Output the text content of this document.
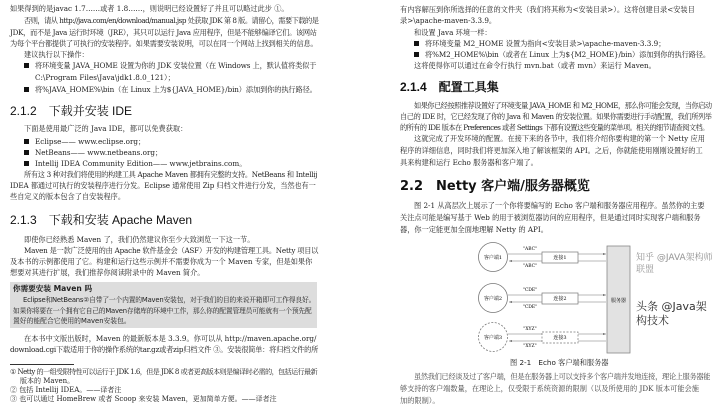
如果得到的是javac 1.7……或者 1.8……，则说明已经设置好了并且可以略过此步 ①。
否则，请从 http://java.com/en/download/manual.jsp 处获取 JDK 第 8 版。请留心，需要下载的是
JDK，而不是 Java 运行时环境（JRE），其只可以运行 Java 应用程序，但是不能够编译它们。该网站
为每个平台都提供了可执行的安装程序。如果需要安装说明，可以在同一个网站上找到相关的信息。
建议执行以下操作：
将环境变量 JAVA_HOME 设置为你的 JDK 安装位置（在 Windows 上，默认值将类似于
C:\Program Files\Java\jdk1.8.0_121）；
将%JAVA_HOME%\bin（在 Linux 上为${JAVA_HOME}/bin）添加到你的执行路径。
2.1.2　下载并安装 IDE
下面是使用最广泛的 Java IDE，都可以免费获取：
Eclipse—— www.eclipse.org；
NetBeans—— www.netbeans.org；
Intellij IDEA Community Edition—— www.jetbrains.com。
所有这 3 种对我们将使用的构建工具 Apache Maven 都拥有完整的支持。NetBeans 和 Intellij
IDEA 都通过可执行的安装程序进行分发。Eclipse 通常使用 Zip 归档文件进行分发，当然也有一
些自定义的版本包含了自安装程序。
2.1.3　下载和安装 Apache Maven
即使你已经熟悉 Maven 了，我们仍然建议你至少大致浏览一下这一节。
Maven 是一款广泛使用的由 Apache 软件基金会（ASF）开发的构建管理工具。Netty 项目以
及本书的示例都使用了它。构建和运行这些示例并不需要你成为一个 Maven 专家，但是如果你
想要对其进行扩展，我们推荐你阅读附录中的 Maven 简介。
你需要安装 Maven 吗
Eclipse和NetBeans②自带了一个内置的Maven安装包，对于我们的目的来说开箱即可工作得良好。
如果你将要在一个拥有它自己的Maven存储库的环境中工作，那么你的配置管理员可能就有一个预先配
置好的能配合它使用的Maven安装包。
在本书中文版出版时，Maven 的最新版本是 3.3.9。你可以从 http://maven.apache.org/
download.cgi下载适用于你的操作系统的tar.gz或者zip归档文件 ③。安装很简单：将归档文件的所
① Netty 的一组受限特性可以运行于 JDK 1.6，但是 JDK 8 或者更高版本则是编译时必需的，包括运行最新
版本的 Maven。
② 包括 Intellij IDEA。——译者注
③ 也可以通过 HomeBrew 或者 Scoop 来安装 Maven，更加简单方便。——译者注
有内容解压到你所选择的任意的文件夹（我们将其称为<安装目录>）。这将创建目录<安装目
录>\apache-maven-3.3.9。
和设置 Java 环境一样：
将环境变量 M2_HOME 设置为指向<安装目录>\apache-maven-3.3.9；
将%M2_HOME%\bin（或者在 Linux 上为${M2_HOME}/bin）添加到你的执行路径。
这将使得你可以通过在命令行执行 mvn.bat（或者 mvn）来运行 Maven。
2.1.4　配置工具集
如果你已经按照推荐设置好了环境变量 JAVA_HOME 和 M2_HOME，那么你可能会发现，当你启动
自己的 IDE 时，它已经发现了你的 Java 和 Maven 的安装位置。如果你需要进行手动配置，我们所列举
的所有的 IDE 版本在 Preferences 或者 Settings 下都有设置这些变量的菜单项。相关的细节请查阅文档。
这就完成了开发环境的配置。在接下来的各节中，我们将介绍你要构建的第一个 Netty 应用
程序的详细信息，同时我们将更加深入地了解该框架的 API。之后，你就能使用刚刚设置好的工
具来构建和运行 Echo 服务器和客户端了。
2.2　Netty 客户端/服务器概览
图 2-1 从高层次上展示了一个你将要编写的 Echo 客户端和服务器应用程序。虽然你的主要
关注点可能是编写基于 Web 的用于被浏览器访问的应用程序，但是通过同时实现客户端和服务
器，你一定能更加全面地理解 Netty 的 API。
服务器
客户端1	连接1
"ABC"
"ABC"
客户端2	连接2
"CDE"
"CDE"
客户端3	连接3
"XYZ"
"XYZ"
图 2-1　Echo 客户端和服务器
虽然我们已经谈及过了客户端，但是在服务器上可以支持多个客户端并发地连接，理论上服务器能
够支持的客户端数量，在理论上，仅受限于系统资源的限制（以及所使用的 JDK 版本可能会施
加的限制）。
知乎 @JAVA架构师联盟
头条 @Java架构技术
